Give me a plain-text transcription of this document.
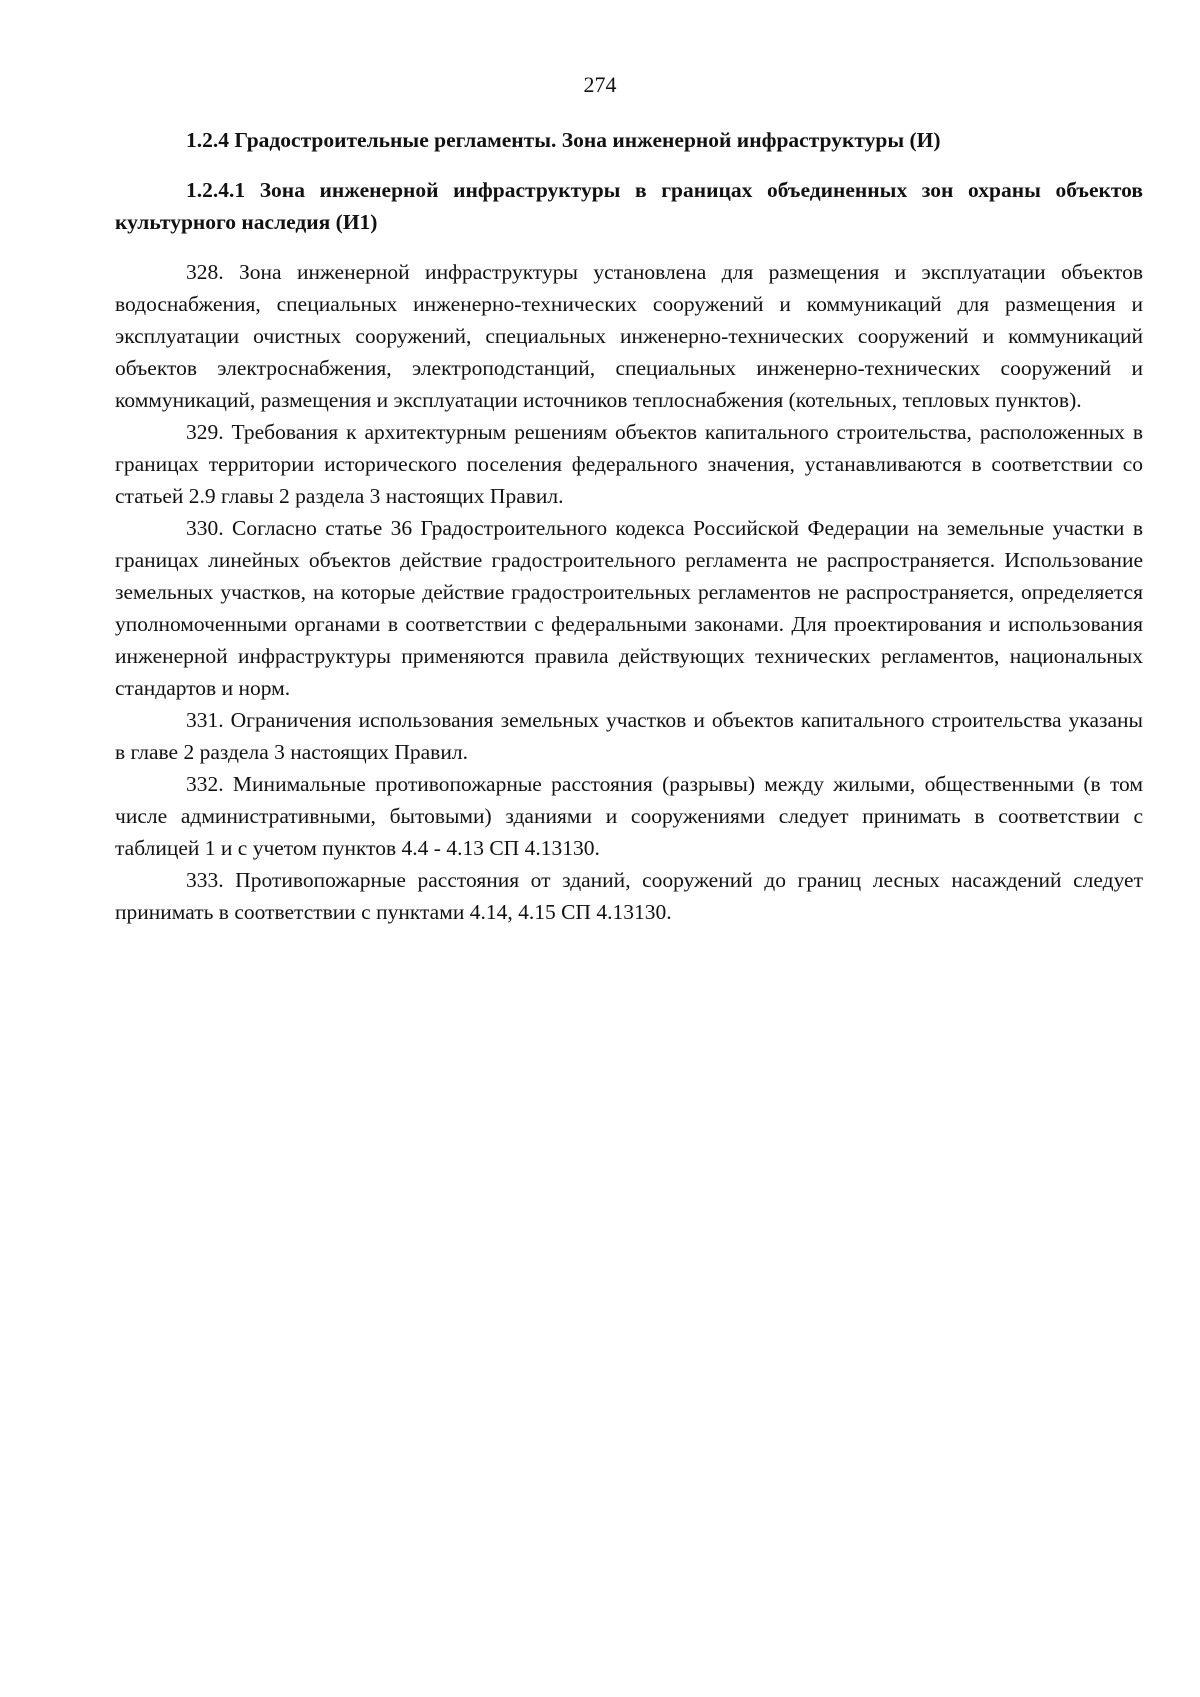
274

1.2.4 Градостроительные регламенты. Зона инженерной инфраструктуры (И)

1.2.4.1 Зона инженерной инфраструктуры в границах объединенных зон охраны объектов культурного наследия (И1)

328. Зона инженерной инфраструктуры установлена для размещения и эксплуатации объектов водоснабжения, специальных инженерно-технических сооружений и коммуникаций для размещения и эксплуатации очистных сооружений, специальных инженерно-технических сооружений и коммуникаций объектов электроснабжения, электроподстанций, специальных инженерно-технических сооружений и коммуникаций, размещения и эксплуатации источников теплоснабжения (котельных, тепловых пунктов).

329. Требования к архитектурным решениям объектов капитального строительства, расположенных в границах территории исторического поселения федерального значения, устанавливаются в соответствии со статьей 2.9 главы 2 раздела 3 настоящих Правил.

330. Согласно статье 36 Градостроительного кодекса Российской Федерации на земельные участки в границах линейных объектов действие градостроительного регламента не распространяется. Использование земельных участков, на которые действие градостроительных регламентов не распространяется, определяется уполномоченными органами в соответствии с федеральными законами. Для проектирования и использования инженерной инфраструктуры применяются правила действующих технических регламентов, национальных стандартов и норм.

331. Ограничения использования земельных участков и объектов капитального строительства указаны в главе 2 раздела 3 настоящих Правил.

332. Минимальные противопожарные расстояния (разрывы) между жилыми, общественными (в том числе административными, бытовыми) зданиями и сооружениями следует принимать в соответствии с таблицей 1 и с учетом пунктов 4.4 - 4.13 СП 4.13130.

333. Противопожарные расстояния от зданий, сооружений до границ лесных насаждений следует принимать в соответствии с пунктами 4.14, 4.15 СП 4.13130.
